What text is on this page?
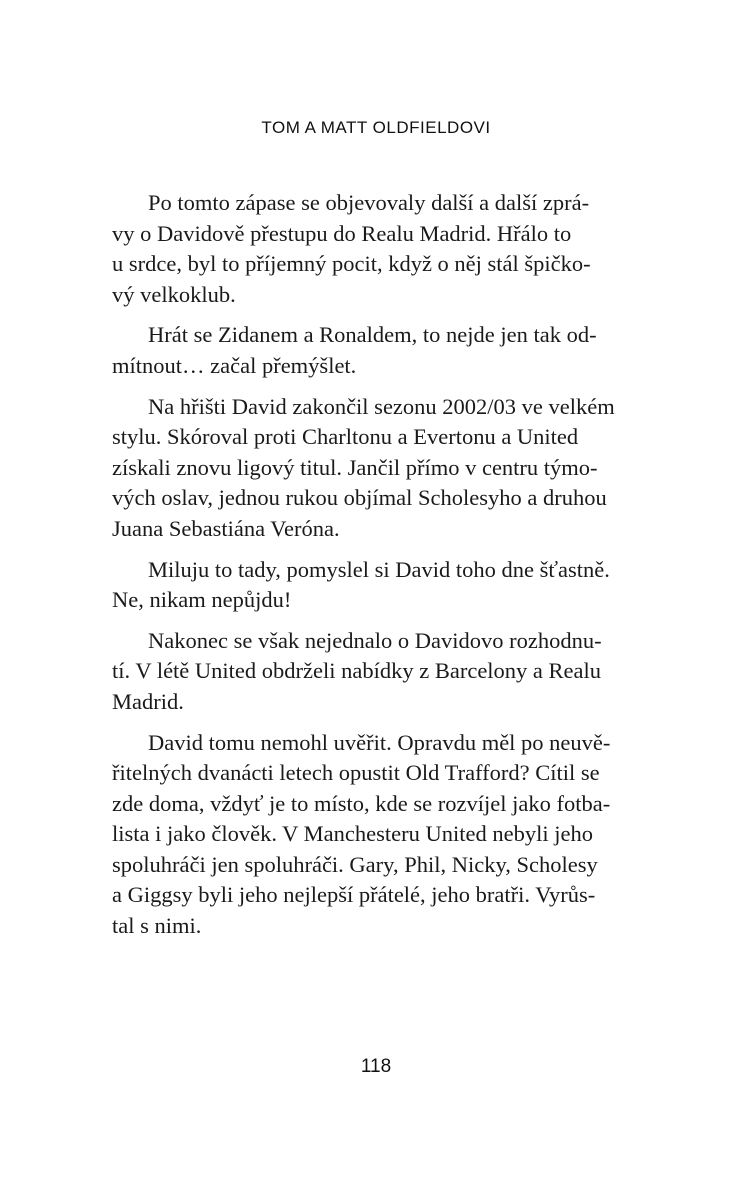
TOM A MATT OLDFIELDOVI

Po tomto zápase se objevovaly další a další zprá-
vy o Davidově přestupu do Realu Madrid. Hřálo to
u srdce, byl to příjemný pocit, když o něj stál špičko-
vý velkoklub.

Hrát se Zidanem a Ronaldem, to nejde jen tak od-
mítnout… začal přemýšlet.

Na hřišti David zakončil sezonu 2002/03 ve velkém
stylu. Skóroval proti Charltonu a Evertonu a United
získali znovu ligový titul. Jančil přímo v centru týmo-
vých oslav, jednou rukou objímal Scholesyho a druhou
Juana Sebastiána Veróna.

Miluju to tady, pomyslel si David toho dne šťastně.
Ne, nikam nepůjdu!

Nakonec se však nejednalo o Davidovo rozhodnu-
tí. V létě United obdrželi nabídky z Barcelony a Realu
Madrid.

David tomu nemohl uvěřit. Opravdu měl po neuvě-
řitelných dvanácti letech opustit Old Trafford? Cítil se
zde doma, vždyť je to místo, kde se rozvíjel jako fotba-
lista i jako člověk. V Manchesteru United nebyli jeho
spoluhráči jen spoluhráči. Gary, Phil, Nicky, Scholesy
a Giggsy byli jeho nejlepší přátelé, jeho bratři. Vyrůs-
tal s nimi.

118
